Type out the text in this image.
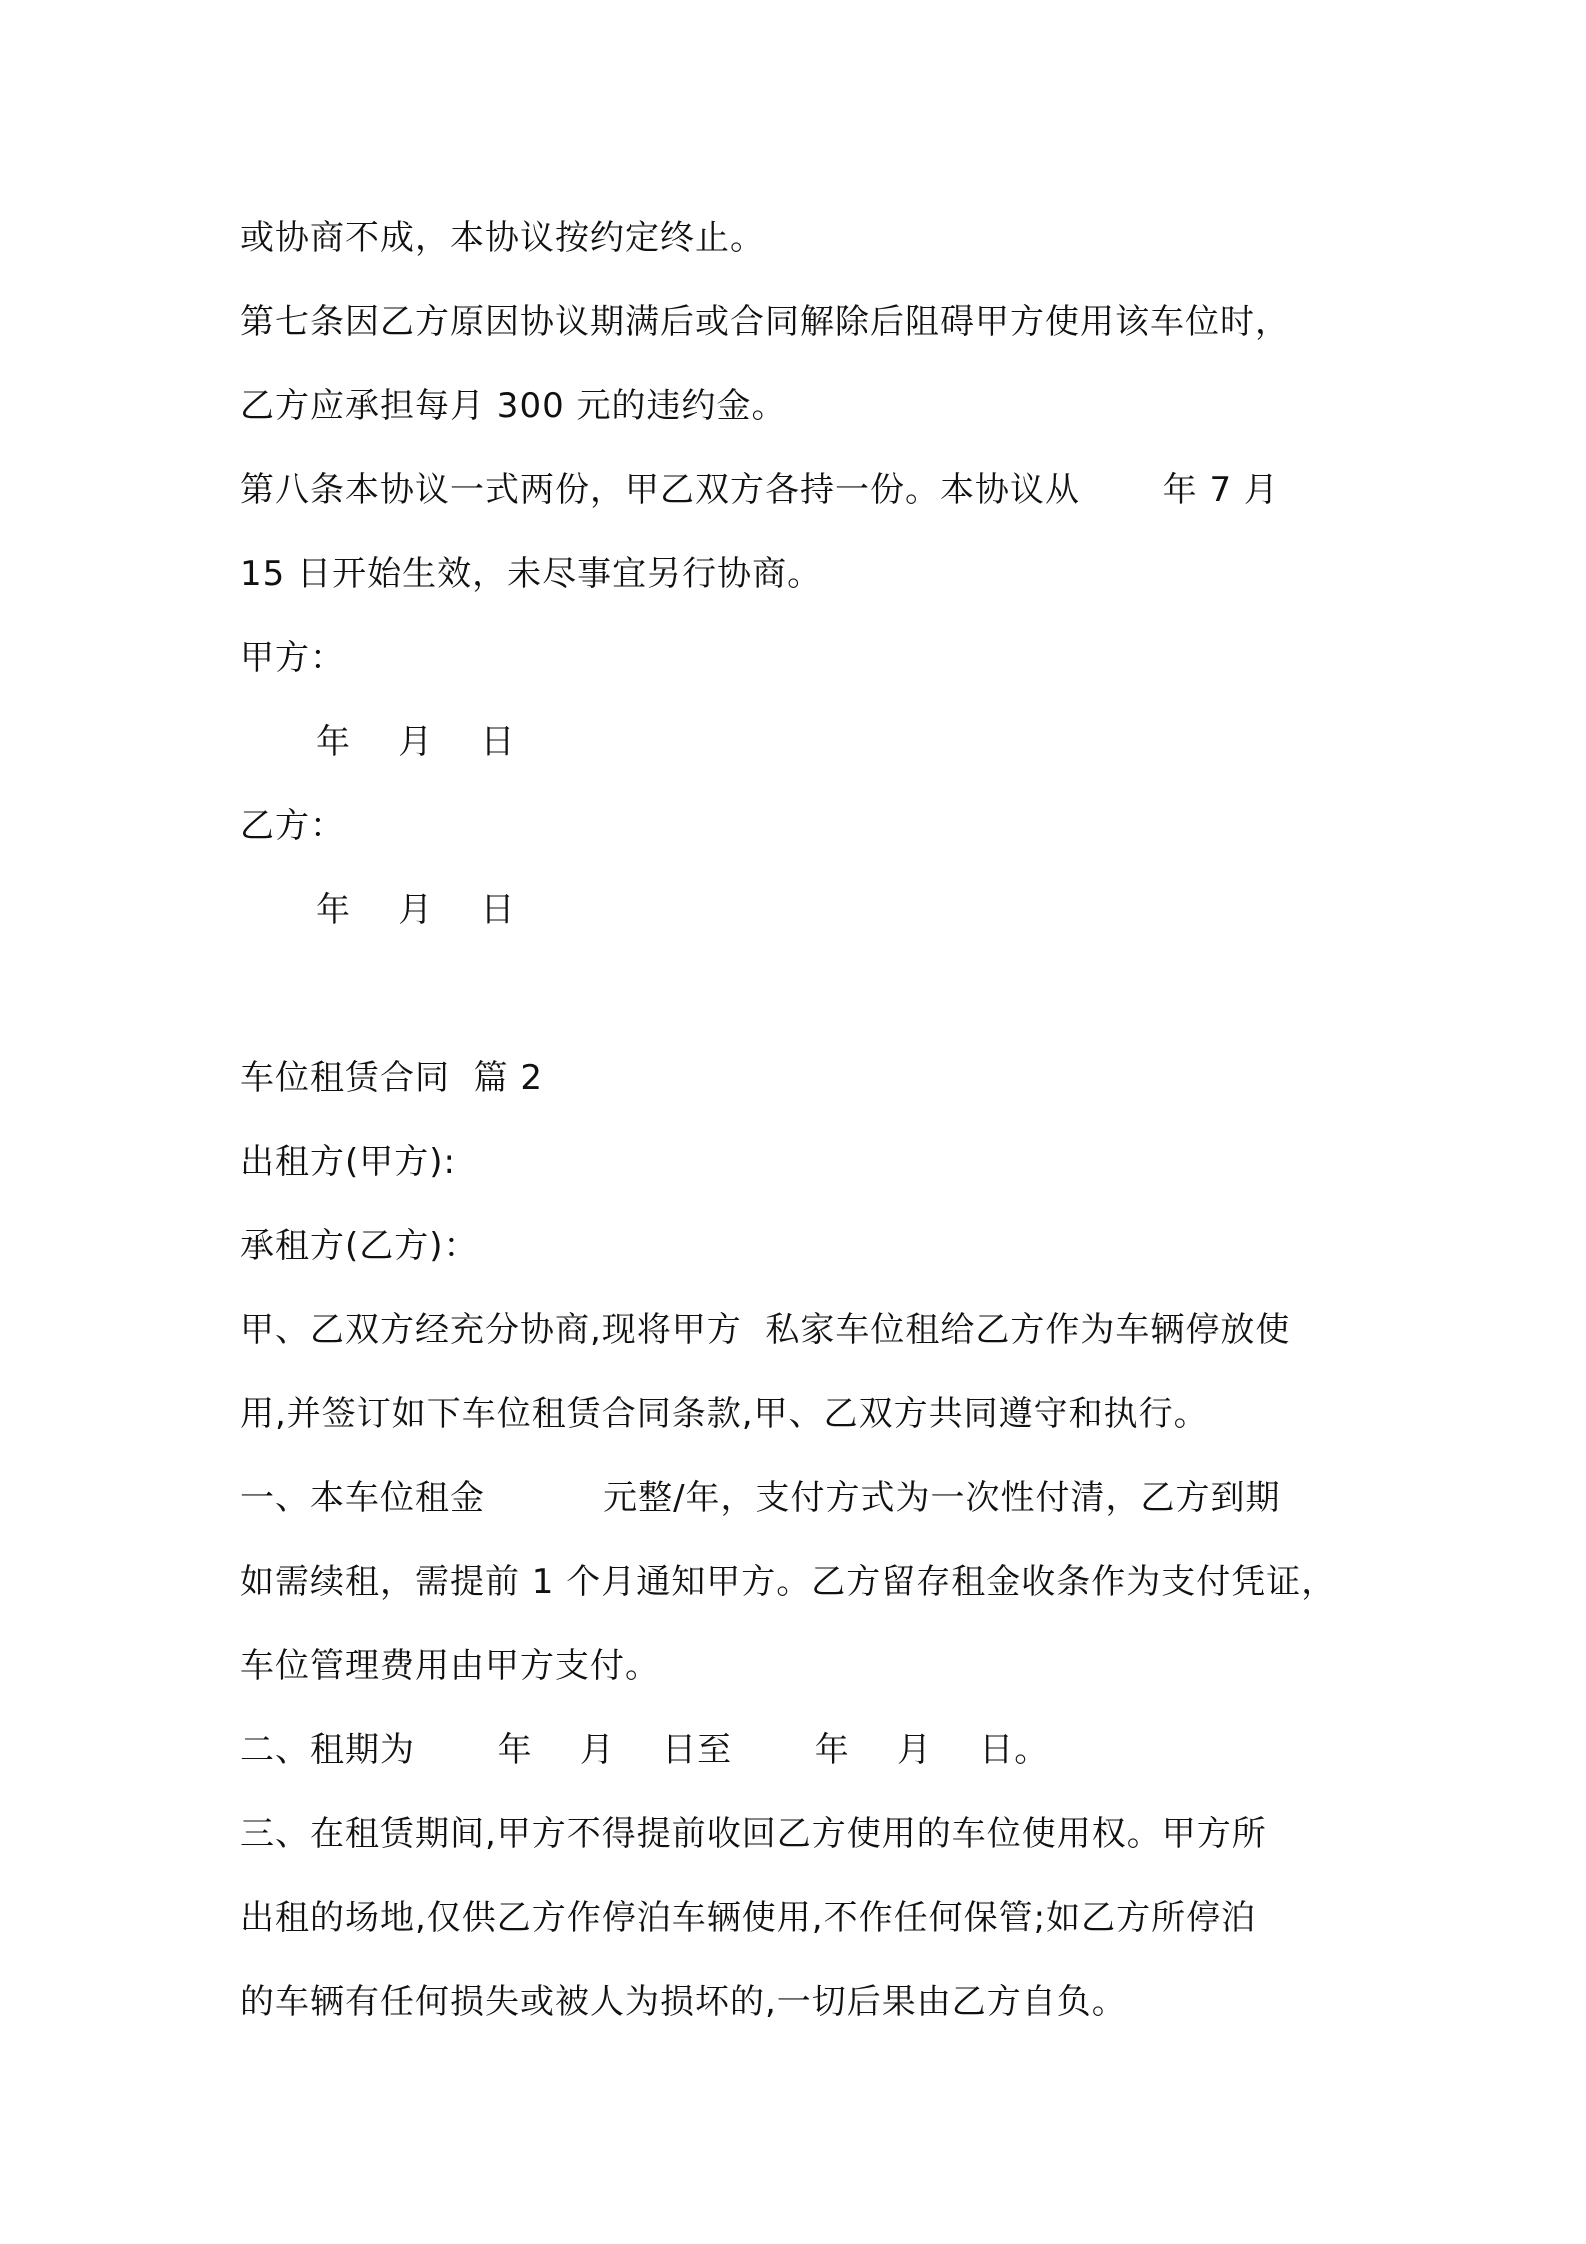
或协商不成，本协议按约定终止。
第七条因乙方原因协议期满后或合同解除后阻碍甲方使用该车位时，
乙方应承担每月 300 元的违约金。
第八条本协议一式两份，甲乙双方各持一份。本协议从       年 7 月
15 日开始生效，未尽事宜另行协商。
甲方：
年    月    日
乙方：
年    月    日
车位租赁合同  篇 2
出租方(甲方):
承租方(乙方)：
甲、乙双方经充分协商,现将甲方  私家车位租给乙方作为车辆停放使
用,并签订如下车位租赁合同条款,甲、乙双方共同遵守和执行。
一、本车位租金          元整/年，支付方式为一次性付清，乙方到期
如需续租，需提前 1 个月通知甲方。乙方留存租金收条作为支付凭证，
车位管理费用由甲方支付。
二、租期为       年    月    日至       年    月    日。
三、在租赁期间,甲方不得提前收回乙方使用的车位使用权。甲方所
出租的场地,仅供乙方作停泊车辆使用,不作任何保管;如乙方所停泊
的车辆有任何损失或被人为损坏的,一切后果由乙方自负。
